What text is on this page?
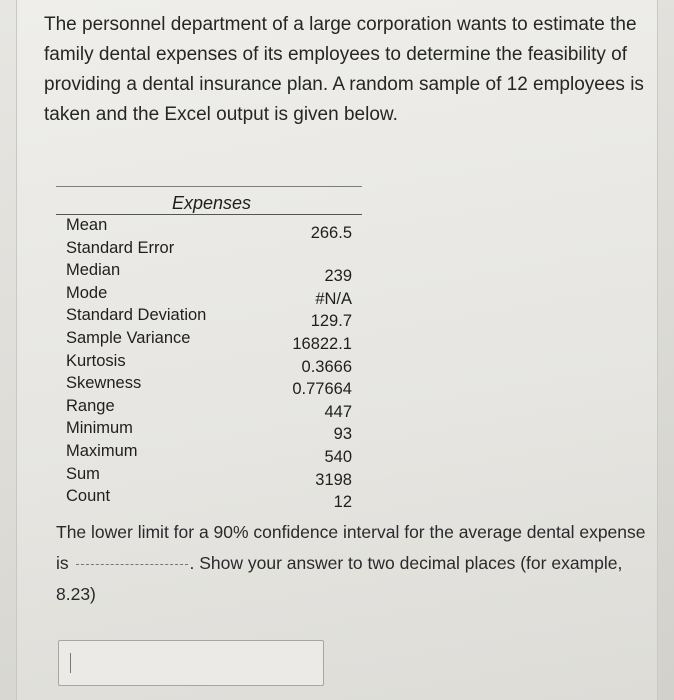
The personnel department of a large corporation wants to estimate the family dental expenses of its employees to determine the feasibility of providing a dental insurance plan. A random sample of 12 employees is taken and the Excel output is given below.
Expenses
Mean	266.5
Standard Error
Median	239
Mode	#N/A
Standard Deviation	129.7
Sample Variance	16822.1
Kurtosis	0.3666
Skewness	0.77664
Range	447
Minimum	93
Maximum	540
Sum	3198
Count	12
The lower limit for a 90% confidence interval for the average dental expense is	. Show your answer to two decimal places (for example, 8.23)
